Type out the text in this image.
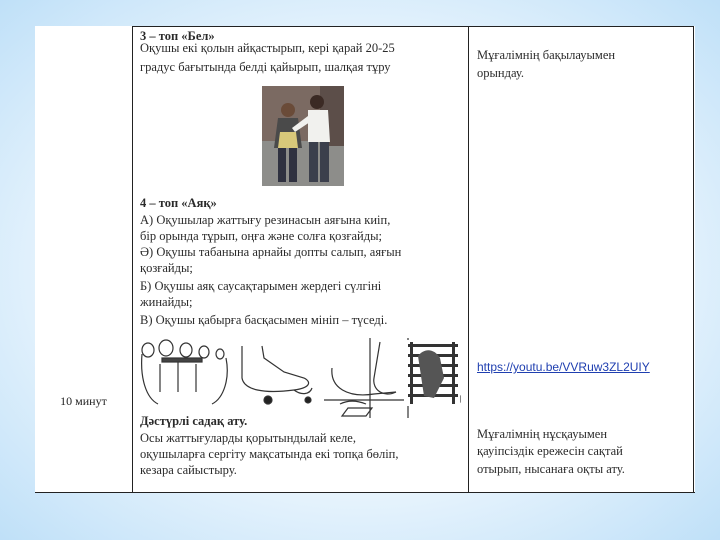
10 минут
3 – топ «Бел»
Оқушы екі қолын айқастырып, кері қарай 20-25
градус бағытында белді қайырып, шалқая тұру
4 – топ «Аяқ»
А) Оқушылар жаттығу резинасын аяғына киіп,
бір орында тұрып, оңға және солға қозғайды;
Ә) Оқушы табанына арнайы допты салып, аяғын
қозғайды;
Б) Оқушы аяқ саусақтарымен жердегі сүлгіні
жинайды;
В) Оқушы қабырға басқасымен мініп – түседі.
Дәстүрлі садақ ату.
Осы жаттығуларды қорытындылай келе,
оқушыларға сергіту мақсатында екі топқа бөліп,
кезара сайыстыру.
Мұғалімнің бақылауымен
орындау.
https://youtu.be/VVRuw3ZL2UIY
Мұғалімнің нұсқауымен
қауіпсіздік ережесін сақтай
отырып, нысанаға оқты ату.
